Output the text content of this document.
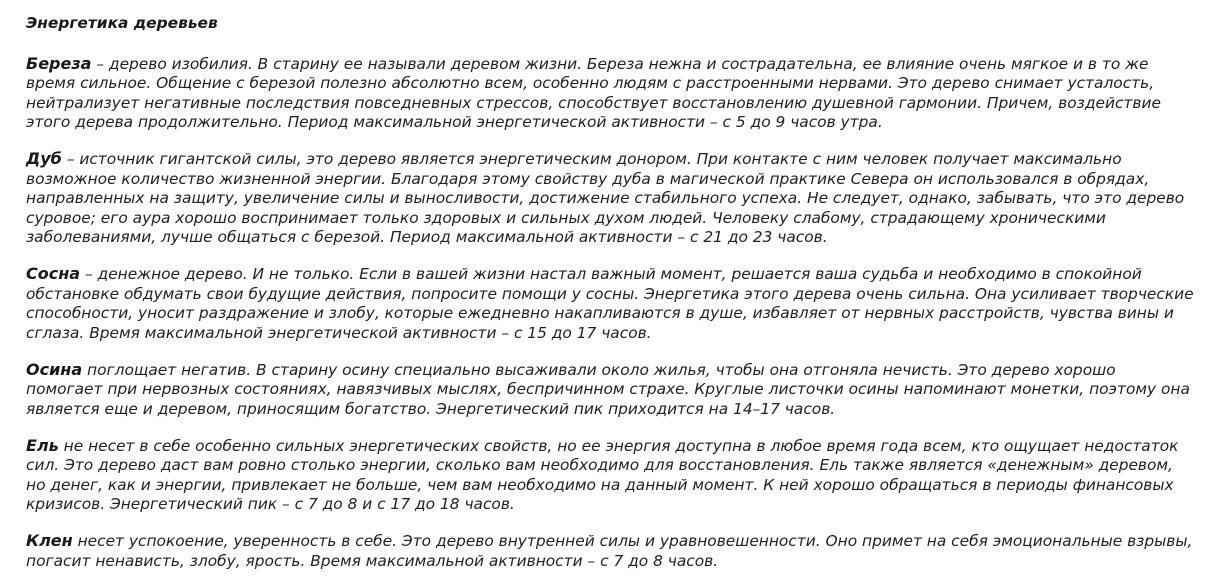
Энергетика деревьев

Береза – дерево изобилия. В старину ее называли деревом жизни. Береза нежна и сострадательна, ее влияние очень мягкое и в то же время сильное. Общение с березой полезно абсолютно всем, особенно людям с расстроенными нервами. Это дерево снимает усталость, нейтрализует негативные последствия повседневных стрессов, способствует восстановлению душевной гармонии. Причем, воздействие этого дерева продолжительно. Период максимальной энергетической активности – с 5 до 9 часов утра.

Дуб – источник гигантской силы, это дерево является энергетическим донором. При контакте с ним человек получает максимально возможное количество жизненной энергии. Благодаря этому свойству дуба в магической практике Севера он использовался в обрядах, направленных на защиту, увеличение силы и выносливости, достижение стабильного успеха. Не следует, однако, забывать, что это дерево суровое; его аура хорошо воспринимает только здоровых и сильных духом людей. Человеку слабому, страдающему хроническими заболеваниями, лучше общаться с березой. Период максимальной активности – с 21 до 23 часов.

Сосна – денежное дерево. И не только. Если в вашей жизни настал важный момент, решается ваша судьба и необходимо в спокойной обстановке обдумать свои будущие действия, попросите помощи у сосны. Энергетика этого дерева очень сильна. Она усиливает творческие способности, уносит раздражение и злобу, которые ежедневно накапливаются в душе, избавляет от нервных расстройств, чувства вины и сглаза. Время максимальной энергетической активности – с 15 до 17 часов.

Осина поглощает негатив. В старину осину специально высаживали около жилья, чтобы она отгоняла нечисть. Это дерево хорошо помогает при нервозных состояниях, навязчивых мыслях, беспричинном страхе. Круглые листочки осины напоминают монетки, поэтому она является еще и деревом, приносящим богатство. Энергетический пик приходится на 14–17 часов.

Ель не несет в себе особенно сильных энергетических свойств, но ее энергия доступна в любое время года всем, кто ощущает недостаток сил. Это дерево даст вам ровно столько энергии, сколько вам необходимо для восстановления. Ель также является «денежным» деревом, но денег, как и энергии, привлекает не больше, чем вам необходимо на данный момент. К ней хорошо обращаться в периоды финансовых кризисов. Энергетический пик – с 7 до 8 и с 17 до 18 часов.

Клен несет успокоение, уверенность в себе. Это дерево внутренней силы и уравновешенности. Оно примет на себя эмоциональные взрывы, погасит ненависть, злобу, ярость. Время максимальной активности – с 7 до 8 часов.
